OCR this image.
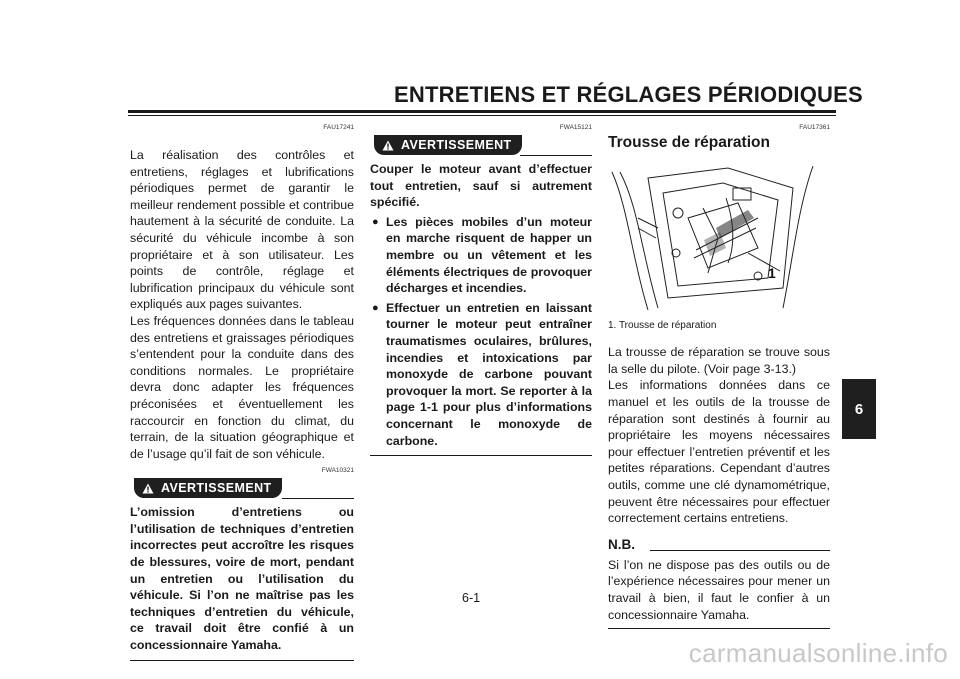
ENTRETIENS ET RÉGLAGES PÉRIODIQUES
6
FAU17241

La réalisation des contrôles et entretiens, réglages et lubrifications périodiques permet de garantir le meilleur rendement possible et contribue hautement à la sécurité de conduite. La sécurité du véhicule incombe à son propriétaire et à son utilisateur. Les points de contrôle, réglage et lubrification principaux du véhicule sont expliqués aux pages suivantes.

Les fréquences données dans le tableau des entretiens et graissages périodiques s’entendent pour la conduite dans des conditions normales. Le propriétaire devra donc adapter les fréquences préconisées et éventuellement les raccourcir en fonction du climat, du terrain, de la situation géographique et de l’usage qu’il fait de son véhicule.

FWA10321
AVERTISSEMENT

L’omission d’entretiens ou l’utilisation de techniques d’entretien incorrectes peut accroître les risques de blessures, voire de mort, pendant un entretien ou l’utilisation du véhicule. Si l’on ne maîtrise pas les techniques d’entretien du véhicule, ce travail doit être confié à un concessionnaire Yamaha.

FWA15121
AVERTISSEMENT

Couper le moteur avant d’effectuer tout entretien, sauf si autrement spécifié.

● Les pièces mobiles d’un moteur en marche risquent de happer un membre ou un vêtement et les éléments électriques de provoquer décharges et incendies.
● Effectuer un entretien en laissant tourner le moteur peut entraîner traumatismes oculaires, brûlures, incendies et intoxications par monoxyde de carbone pouvant provoquer la mort. Se reporter à la page 1-1 pour plus d’informations concernant le monoxyde de carbone.
FAU17361
Trousse de réparation
1
1. Trousse de réparation

La trousse de réparation se trouve sous la selle du pilote. (Voir page 3-13.)

Les informations données dans ce manuel et les outils de la trousse de réparation sont destinés à fournir au propriétaire les moyens nécessaires pour effectuer l’entretien préventif et les petites réparations. Cependant d’autres outils, comme une clé dynamométrique, peuvent être nécessaires pour effectuer correctement certains entretiens.

N.B.

Si l’on ne dispose pas des outils ou de l’expérience nécessaires pour mener un travail à bien, il faut le confier à un concessionnaire Yamaha.

6-1
carmanualsonline.info
